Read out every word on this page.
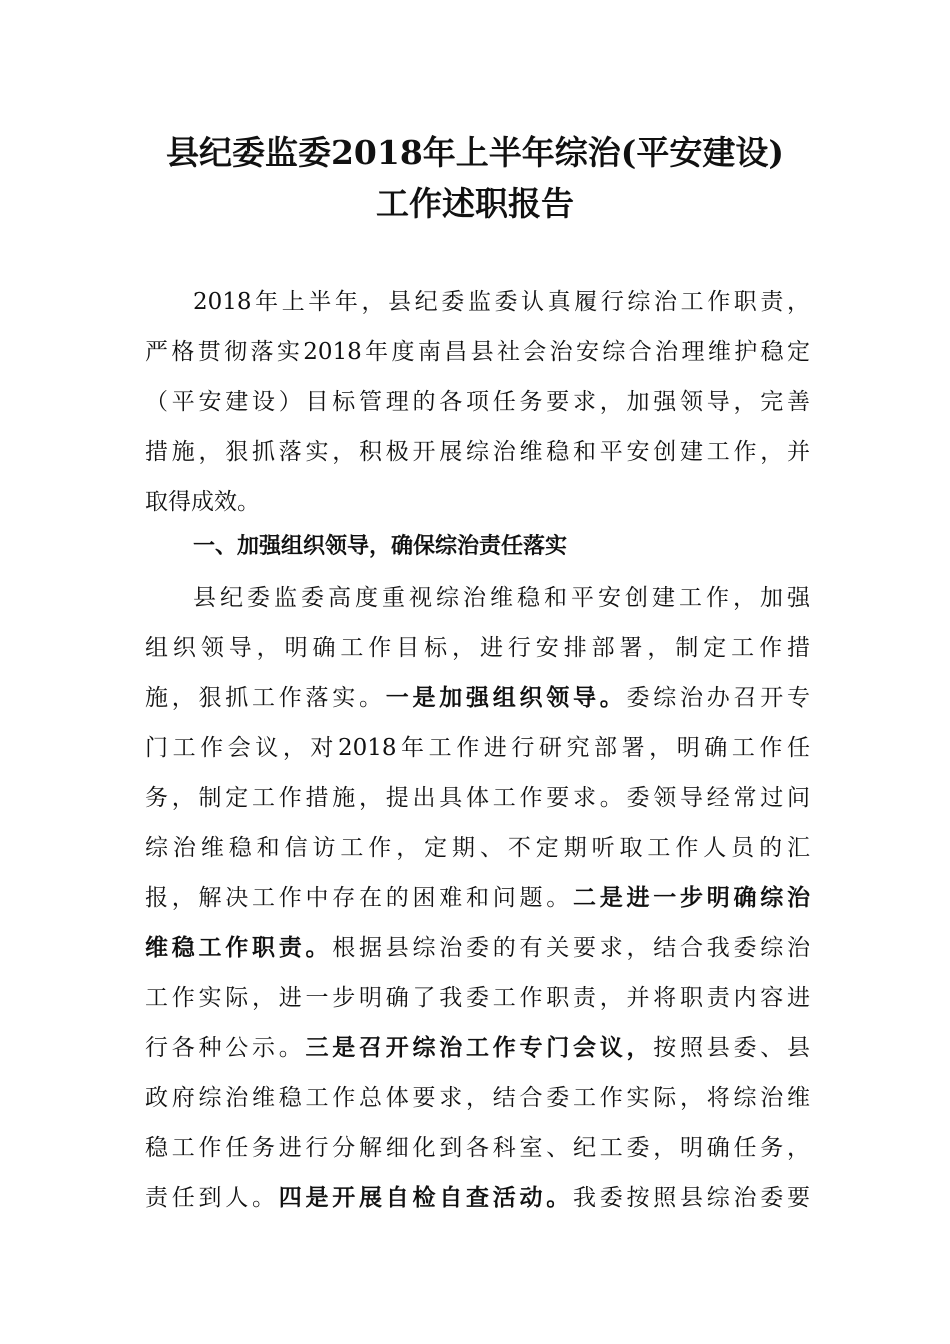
县纪委监委2018年上半年综治(平安建设)
工作述职报告
2018年上半年，县纪委监委认真履行综治工作职责，
严格贯彻落实2018年度南昌县社会治安综合治理维护稳定
（平安建设）目标管理的各项任务要求，加强领导，完善
措施，狠抓落实，积极开展综治维稳和平安创建工作，并
取得成效。
一、加强组织领导，确保综治责任落实
县纪委监委高度重视综治维稳和平安创建工作，加强
组织领导，明确工作目标，进行安排部署，制定工作措
施，狠抓工作落实。一是加强组织领导。委综治办召开专
门工作会议，对2018年工作进行研究部署，明确工作任
务，制定工作措施，提出具体工作要求。委领导经常过问
综治维稳和信访工作，定期、不定期听取工作人员的汇
报，解决工作中存在的困难和问题。二是进一步明确综治
维稳工作职责。根据县综治委的有关要求，结合我委综治
工作实际，进一步明确了我委工作职责，并将职责内容进
行各种公示。三是召开综治工作专门会议，按照县委、县
政府综治维稳工作总体要求，结合委工作实际，将综治维
稳工作任务进行分解细化到各科室、纪工委，明确任务，
责任到人。四是开展自检自查活动。我委按照县综治委要
